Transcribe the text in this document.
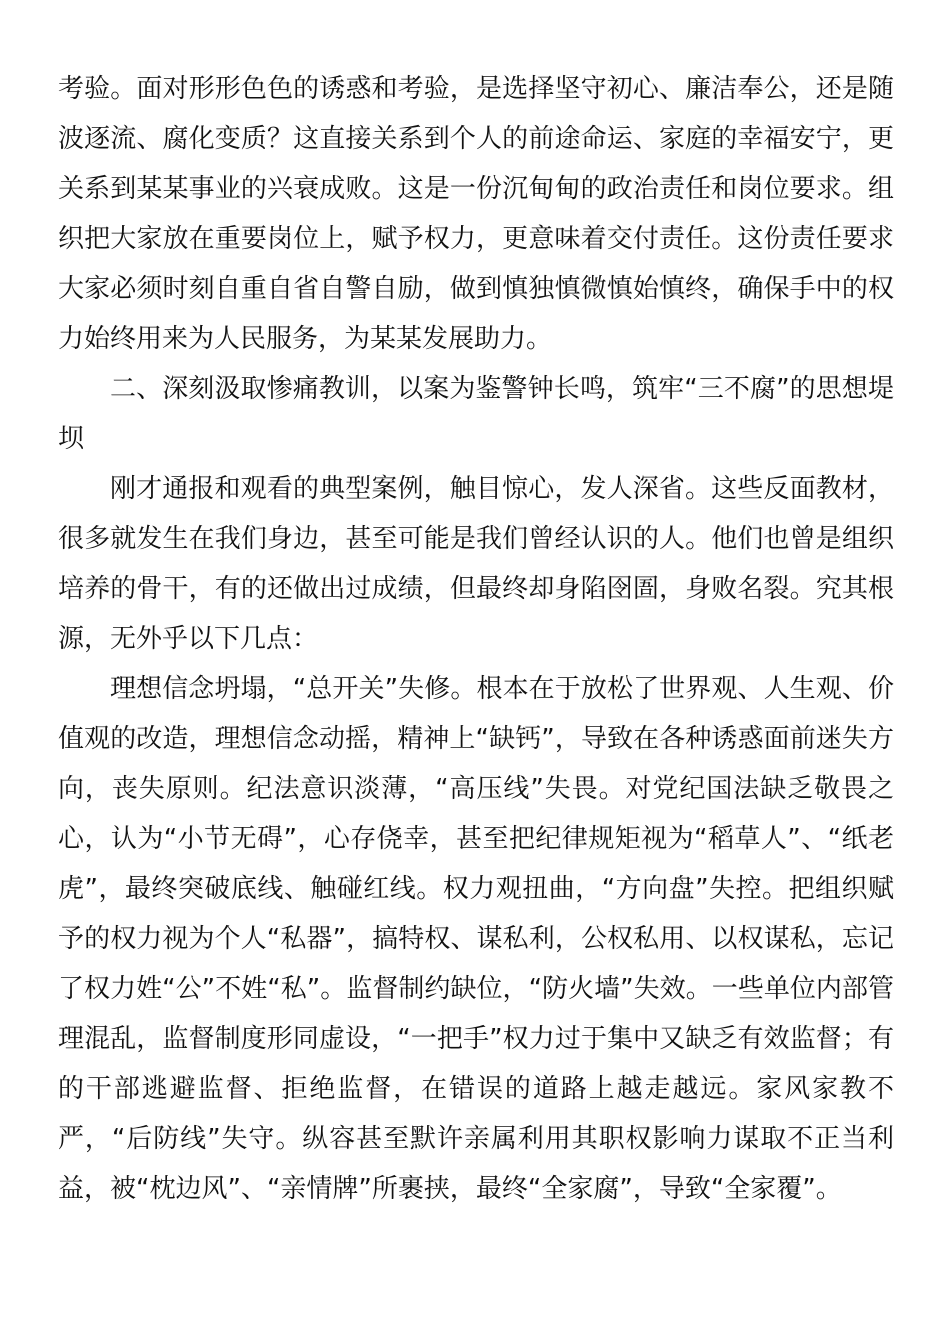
考验。面对形形色色的诱惑和考验，是选择坚守初心、廉洁奉公，还是随波逐流、腐化变质？这直接关系到个人的前途命运、家庭的幸福安宁，更关系到某某事业的兴衰成败。这是一份沉甸甸的政治责任和岗位要求。组织把大家放在重要岗位上，赋予权力，更意味着交付责任。这份责任要求大家必须时刻自重自省自警自励，做到慎独慎微慎始慎终，确保手中的权力始终用来为人民服务，为某某发展助力。

二、深刻汲取惨痛教训，以案为鉴警钟长鸣，筑牢“三不腐”的思想堤坝

刚才通报和观看的典型案例，触目惊心，发人深省。这些反面教材，很多就发生在我们身边，甚至可能是我们曾经认识的人。他们也曾是组织培养的骨干，有的还做出过成绩，但最终却身陷囹圄，身败名裂。究其根源，无外乎以下几点：

理想信念坍塌，“总开关”失修。根本在于放松了世界观、人生观、价值观的改造，理想信念动摇，精神上“缺钙”，导致在各种诱惑面前迷失方向，丧失原则。纪法意识淡薄，“高压线”失畏。对党纪国法缺乏敬畏之心，认为“小节无碍”，心存侥幸，甚至把纪律规矩视为“稻草人”、“纸老虎”，最终突破底线、触碰红线。权力观扭曲，“方向盘”失控。把组织赋予的权力视为个人“私器”，搞特权、谋私利，公权私用、以权谋私，忘记了权力姓“公”不姓“私”。监督制约缺位，“防火墙”失效。一些单位内部管理混乱，监督制度形同虚设，“一把手”权力过于集中又缺乏有效监督；有的干部逃避监督、拒绝监督，在错误的道路上越走越远。家风家教不严，“后防线”失守。纵容甚至默许亲属利用其职权影响力谋取不正当利益，被“枕边风”、“亲情牌”所裹挟，最终“全家腐”，导致“全家覆”。
